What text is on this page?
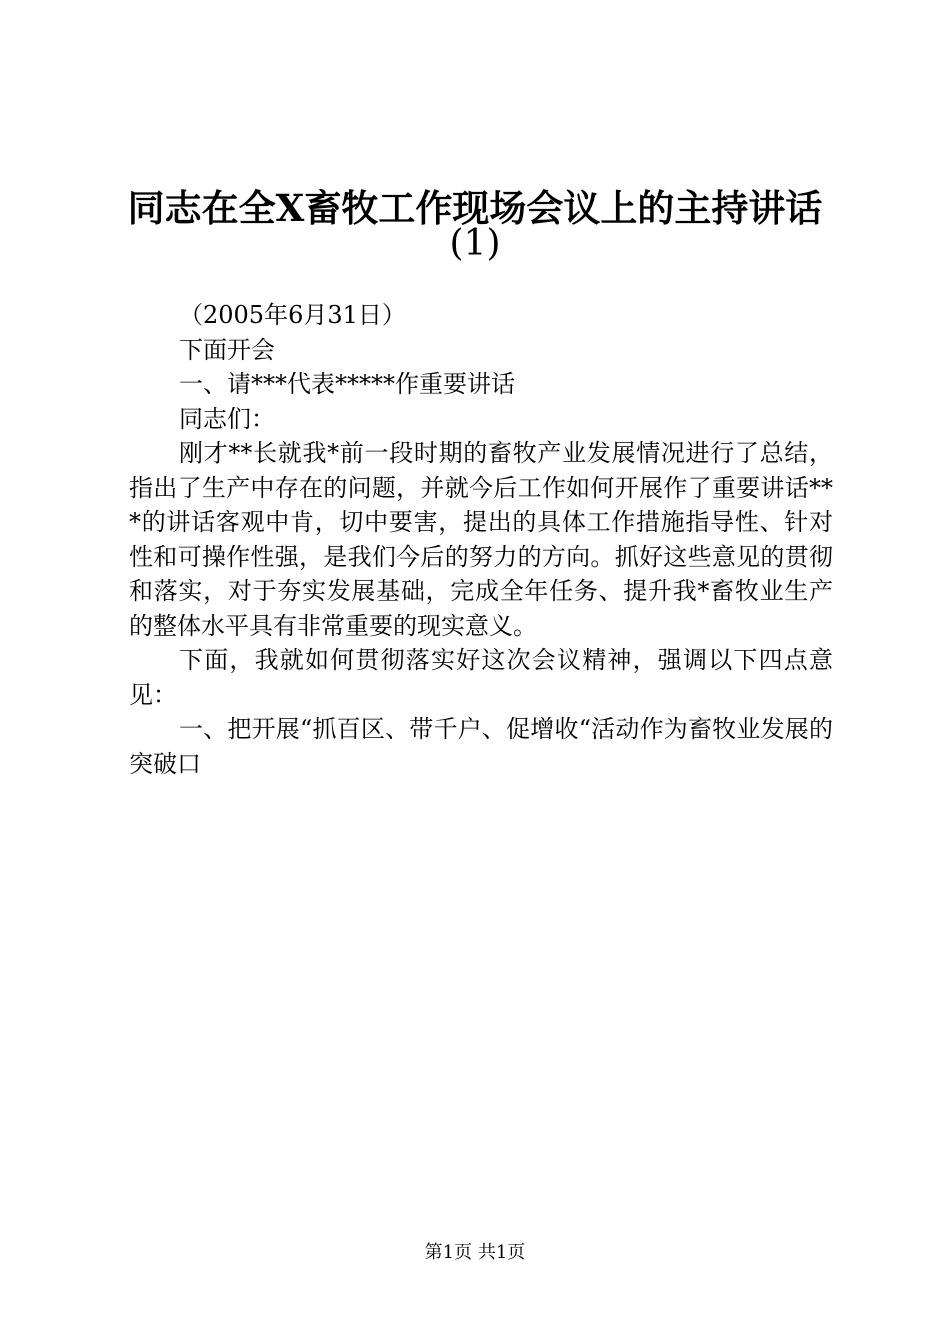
同志在全X畜牧工作现场会议上的主持讲话
(1)

（2005年6月31日）

下面开会

一、请***代表*****作重要讲话

同志们：

刚才**长就我*前一段时期的畜牧产业发展情况进行了总结，指出了生产中存在的问题，并就今后工作如何开展作了重要讲话***的讲话客观中肯，切中要害，提出的具体工作措施指导性、针对性和可操作性强，是我们今后的努力的方向。抓好这些意见的贯彻和落实，对于夯实发展基础，完成全年任务、提升我*畜牧业生产的整体水平具有非常重要的现实意义。

下面，我就如何贯彻落实好这次会议精神，强调以下四点意见：

一、把开展“抓百区、带千户、促增收“活动作为畜牧业发展的突破口

第1页 共1页
